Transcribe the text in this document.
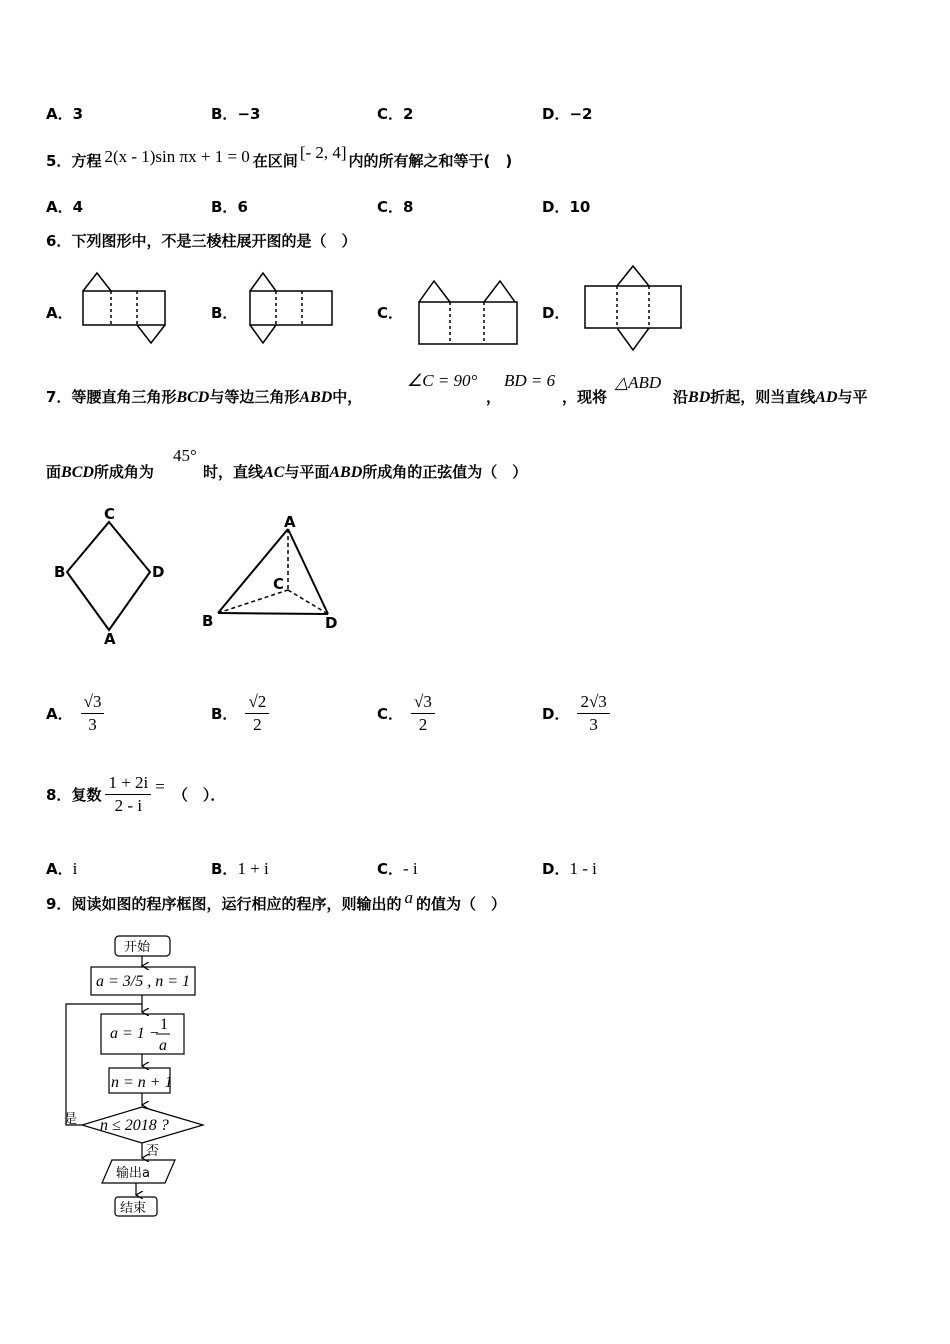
A．3	B．−3	C．2	D．−2
5． 方程 2(x - 1)sin πx + 1 = 0 在区间 [- 2, 4] 内的所有解之和等于(　)
A．4	B．6	C．8	D．10
6．下列图形中，不是三棱柱展开图的是（　）
A．	B．	C．	D．
7．等腰直角三角形BCD与等边三角形ABD中，
∠C = 90°
，
BD = 6
，现将
△ABD
沿BD折起，则当直线AD与平
面BCD所成角为
45°
时，直线AC与平面ABD所成角的正弦值为（　）
C
B	D
A
A
C
B	D
A． $\frac{√3}{3}$	B． $\frac{√2}{2}$	C． $\frac{√3}{2}$	D． $\frac{2√3}{3}$
8． 复数 $\frac{1 + 2i}{2 - i}$ = （　）．
A．i	B．1 + i	C．- i	D．1 - i
9．阅读如图的程序框图，运行相应的程序，则输出的 a 的值为（　）
开始
a = 3/5 , n = 1
a = 1 −
1
a
n = n + 1
n ≤ 2018 ?
是
否
输出a
结束
